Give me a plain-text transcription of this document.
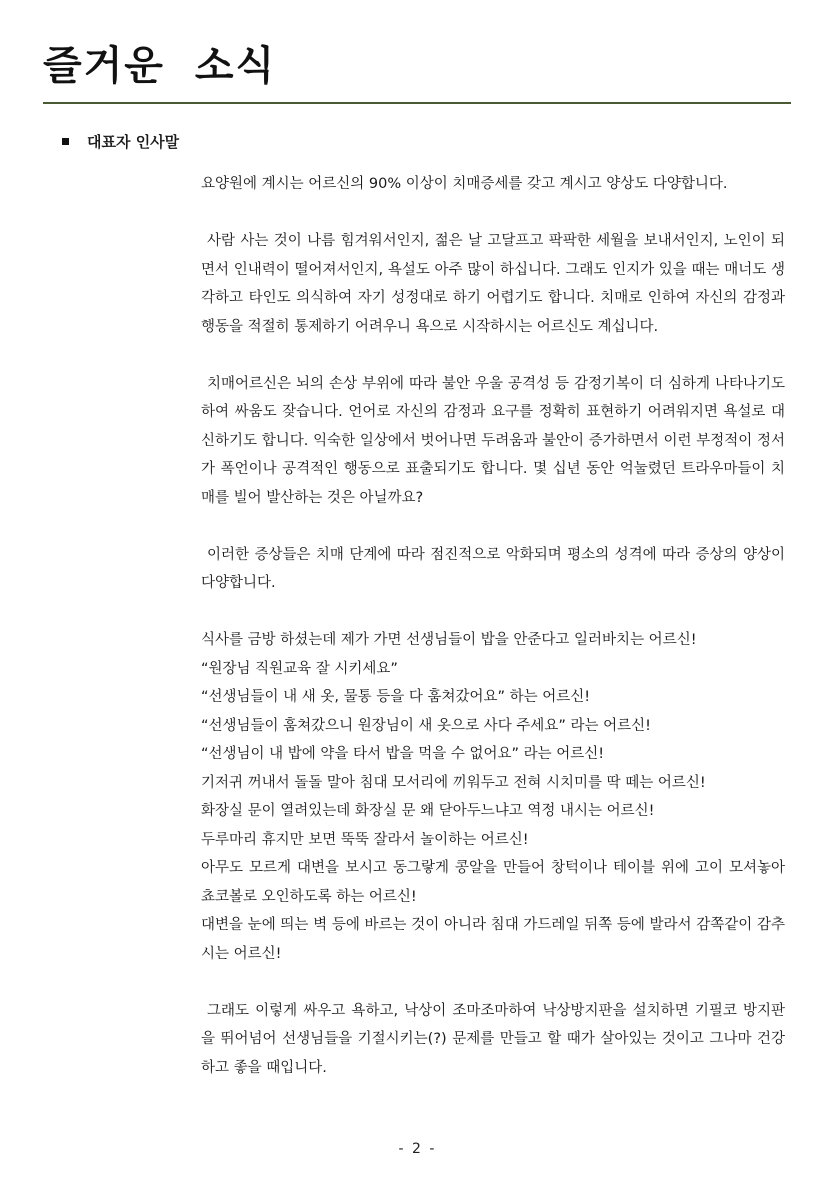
즐거운 소식
대표자 인사말

요양원에 계시는 어르신의 90% 이상이 치매증세를 갖고 계시고 양상도 다양합니다.

사람 사는 것이 나름 힘겨워서인지, 젊은 날 고달프고 팍팍한 세월을 보내서인지, 노인이 되면서 인내력이 떨어져서인지, 욕설도 아주 많이 하십니다. 그래도 인지가 있을 때는 매너도 생각하고 타인도 의식하여 자기 성정대로 하기 어렵기도 합니다. 치매로 인하여 자신의 감정과 행동을 적절히 통제하기 어려우니 욕으로 시작하시는 어르신도 계십니다.

치매어르신은 뇌의 손상 부위에 따라 불안 우울 공격성 등 감정기복이 더 심하게 나타나기도 하여 싸움도 잦습니다. 언어로 자신의 감정과 요구를 정확히 표현하기 어려워지면 욕설로 대신하기도 합니다. 익숙한 일상에서 벗어나면 두려움과 불안이 증가하면서 이런 부정적이 정서가 폭언이나 공격적인 행동으로 표출되기도 합니다. 몇 십년 동안 억눌렸던 트라우마들이 치매를 빌어 발산하는 것은 아닐까요?

이러한 증상들은 치매 단계에 따라 점진적으로 악화되며 평소의 성격에 따라 증상의 양상이 다양합니다.

식사를 금방 하셨는데 제가 가면 선생님들이 밥을 안준다고 일러바치는 어르신!
“원장님 직원교육 잘 시키세요”
“선생님들이 내 새 옷, 물통 등을 다 훔쳐갔어요” 하는 어르신!
“선생님들이 훔쳐갔으니 원장님이 새 옷으로 사다 주세요” 라는 어르신!
“선생님이 내 밥에 약을 타서 밥을 먹을 수 없어요” 라는 어르신!
기저귀 꺼내서 돌돌 말아 침대 모서리에 끼워두고 전혀 시치미를 딱 떼는 어르신!
화장실 문이 열려있는데 화장실 문 왜 닫아두느냐고 역정 내시는 어르신!
두루마리 휴지만 보면 뚝뚝 잘라서 놀이하는 어르신!
아무도 모르게 대변을 보시고 동그랗게 콩알을 만들어 창턱이나 테이블 위에 고이 모셔놓아 쵸코볼로 오인하도록 하는 어르신!
대변을 눈에 띄는 벽 등에 바르는 것이 아니라 침대 가드레일 뒤쪽 등에 발라서 감쪽같이 감추시는 어르신!

그래도 이렇게 싸우고 욕하고, 낙상이 조마조마하여 낙상방지판을 설치하면 기필코 방지판을 뛰어넘어 선생님들을 기절시키는(?) 문제를 만들고 할 때가 살아있는 것이고 그나마 건강하고 좋을 때입니다.

- 2 -
